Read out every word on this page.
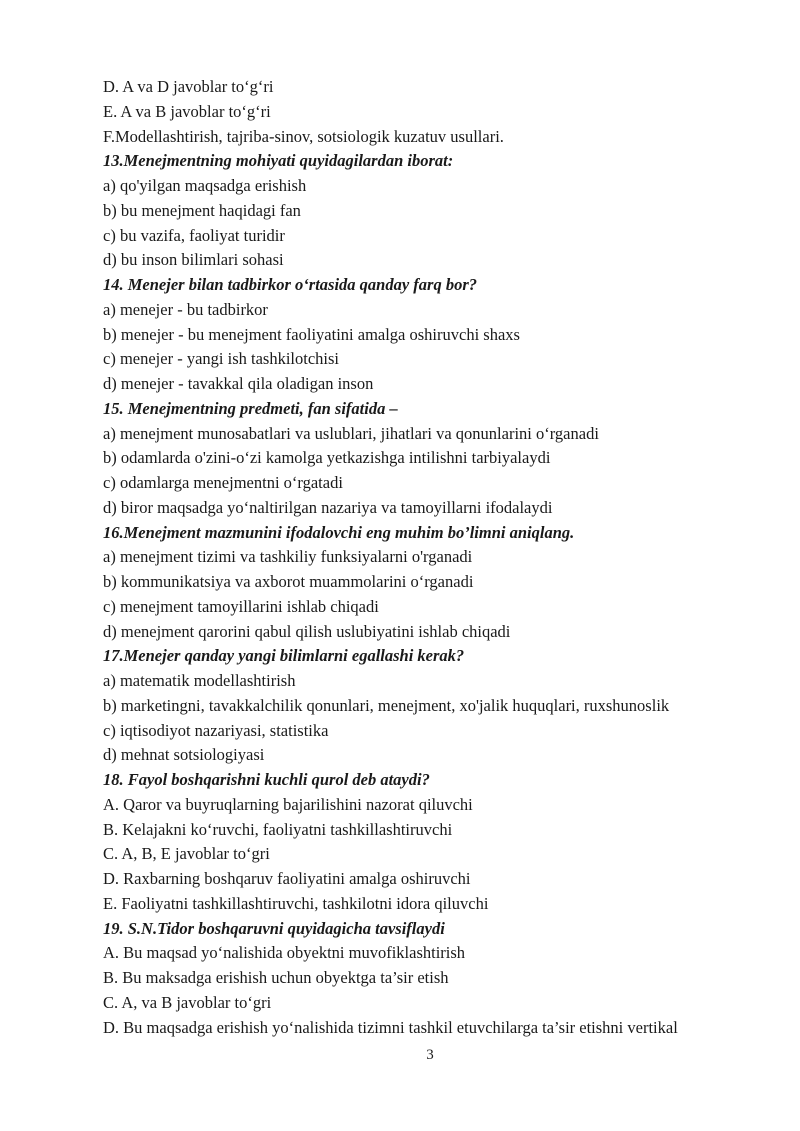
D. A va D javoblar to‘g‘ri
E. A va B javoblar to‘g‘ri
F.Modellashtirish, tajriba-sinov, sotsiologik kuzatuv usullari.
13.Menejmentning mohiyati quyidagilardan iborat:
a) qo'yilgan maqsadga erishish
b) bu menejment haqidagi fan
c) bu vazifa, faoliyat turidir
d) bu inson bilimlari sohasi
14. Menejer bilan tadbirkor o‘rtasida qanday farq bor?
a) menejer - bu tadbirkor
b) menejer - bu menejment faoliyatini amalga oshiruvchi shaxs
c) menejer - yangi ish tashkilotchisi
d) menejer - tavakkal qila oladigan inson
15. Menejmentning predmeti, fan sifatida –
a) menejment munosabatlari va uslublari, jihatlari va qonunlarini o‘rganadi
b) odamlarda o'zini-o‘zi kamolga yetkazishga intilishni tarbiyalaydi
c) odamlarga menejmentni o‘rgatadi
d) biror maqsadga yo‘naltirilgan nazariya va tamoyillarni ifodalaydi
16.Menejment mazmunini ifodalovchi eng muhim bo’limni aniqlang.
a) menejment tizimi va tashkiliy funksiyalarni o'rganadi
b) kommunikatsiya va axborot muammolarini o‘rganadi
c) menejment tamoyillarini ishlab chiqadi
d) menejment qarorini qabul qilish uslubiyatini ishlab chiqadi
17.Menejer qanday yangi bilimlarni egallashi kerak?
a) matematik modellashtirish
b) marketingni, tavakkalchilik qonunlari, menejment, xo'jalik huquqlari, ruxshunoslik
c) iqtisodiyot nazariyasi, statistika
d) mehnat sotsiologiyasi
18. Fayol boshqarishni kuchli qurol deb ataydi?
A. Qaror va buyruqlarning bajarilishini nazorat qiluvchi
B. Kelajakni ko‘ruvchi, faoliyatni tashkillashtiruvchi
C. A, B, E javoblar to‘gri
D. Raxbarning boshqaruv faoliyatini amalga oshiruvchi
E. Faoliyatni tashkillashtiruvchi, tashkilotni idora qiluvchi
19. S.N.Tidor boshqaruvni quyidagicha tavsiflaydi
A. Bu maqsad yo‘nalishida obyektni muvofiklashtirish
B. Bu maksadga erishish uchun obyektga ta’sir etish
C. A, va B javoblar to‘gri
D. Bu maqsadga erishish yo‘nalishida tizimni tashkil etuvchilarga ta’sir etishni vertikal
3
